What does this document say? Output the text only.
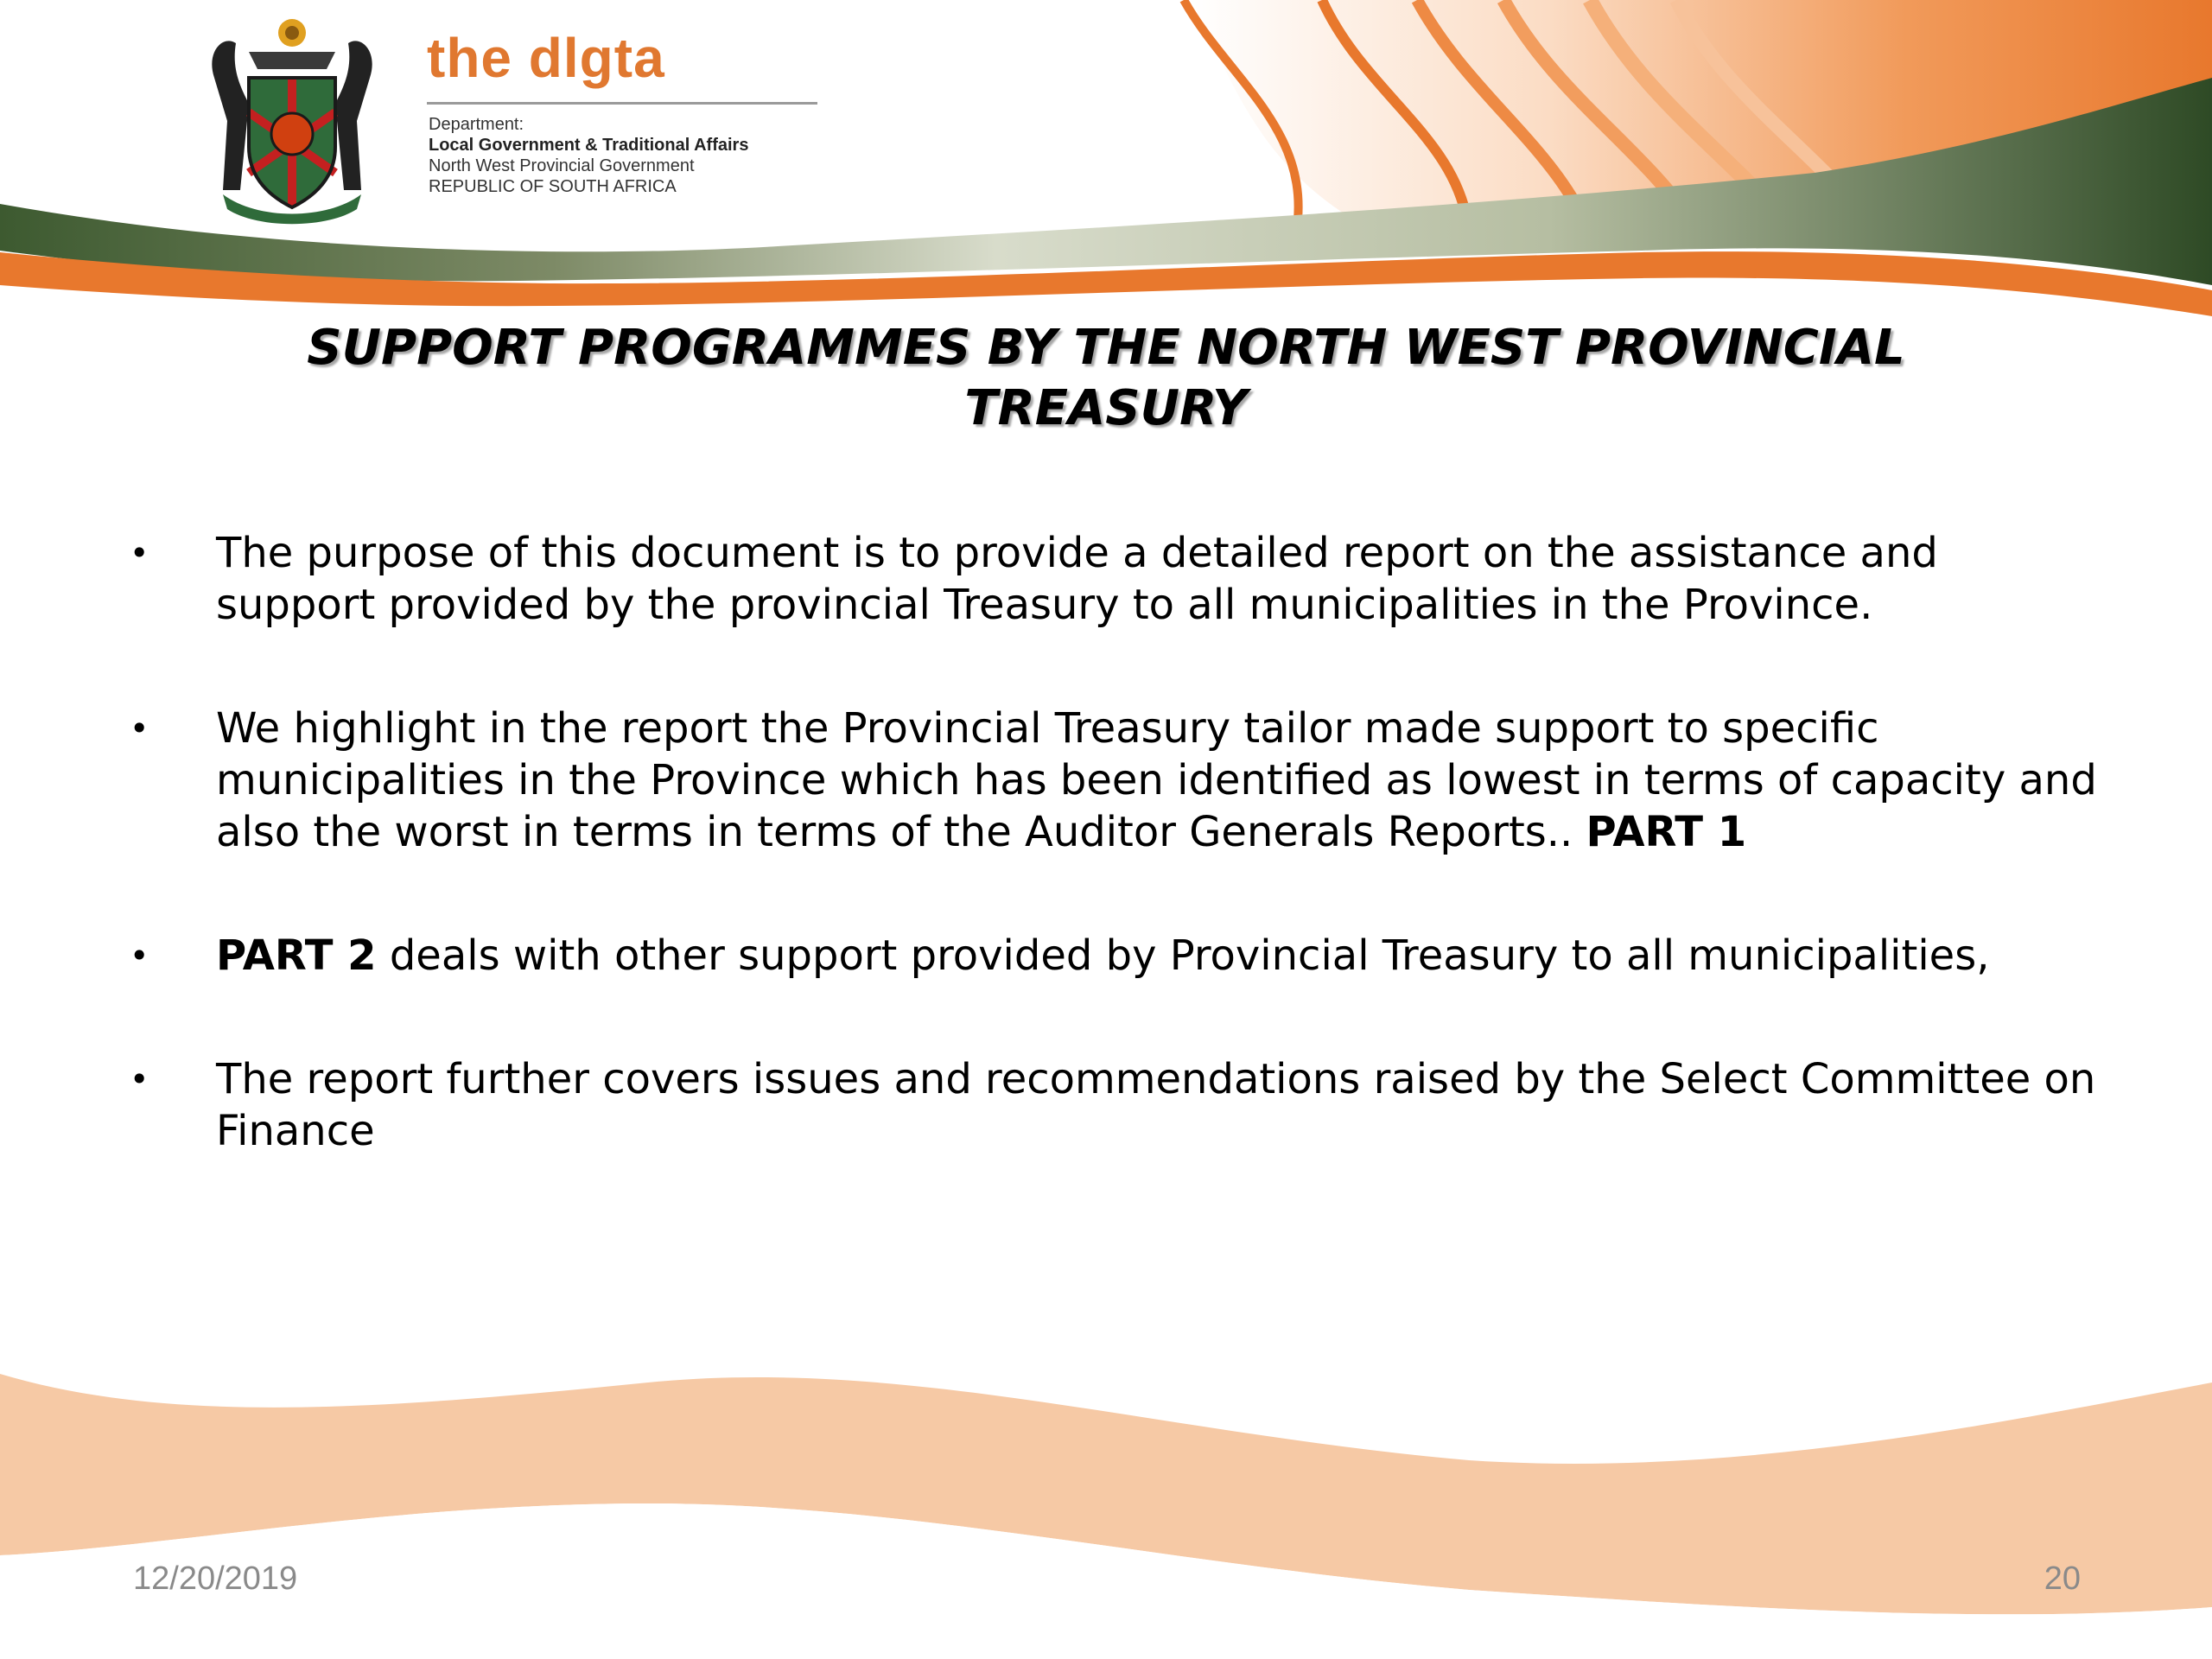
the dlgta
Department:
Local Government & Traditional Affairs
North West Provincial Government
REPUBLIC OF SOUTH AFRICA
SUPPORT PROGRAMMES BY THE NORTH WEST PROVINCIAL
TREASURY
• The purpose of this document is to provide a detailed report on the assistance and support provided by the provincial Treasury to all municipalities in the Province.
• We highlight in the report the Provincial Treasury tailor made support to specific municipalities in the Province which has been identified as lowest in terms of capacity and also the worst in terms in terms of the Auditor Generals Reports.. PART 1
• PART 2 deals with other support provided by Provincial Treasury to all municipalities,
• The report further covers issues and recommendations raised by the Select Committee on Finance
12/20/2019	20
